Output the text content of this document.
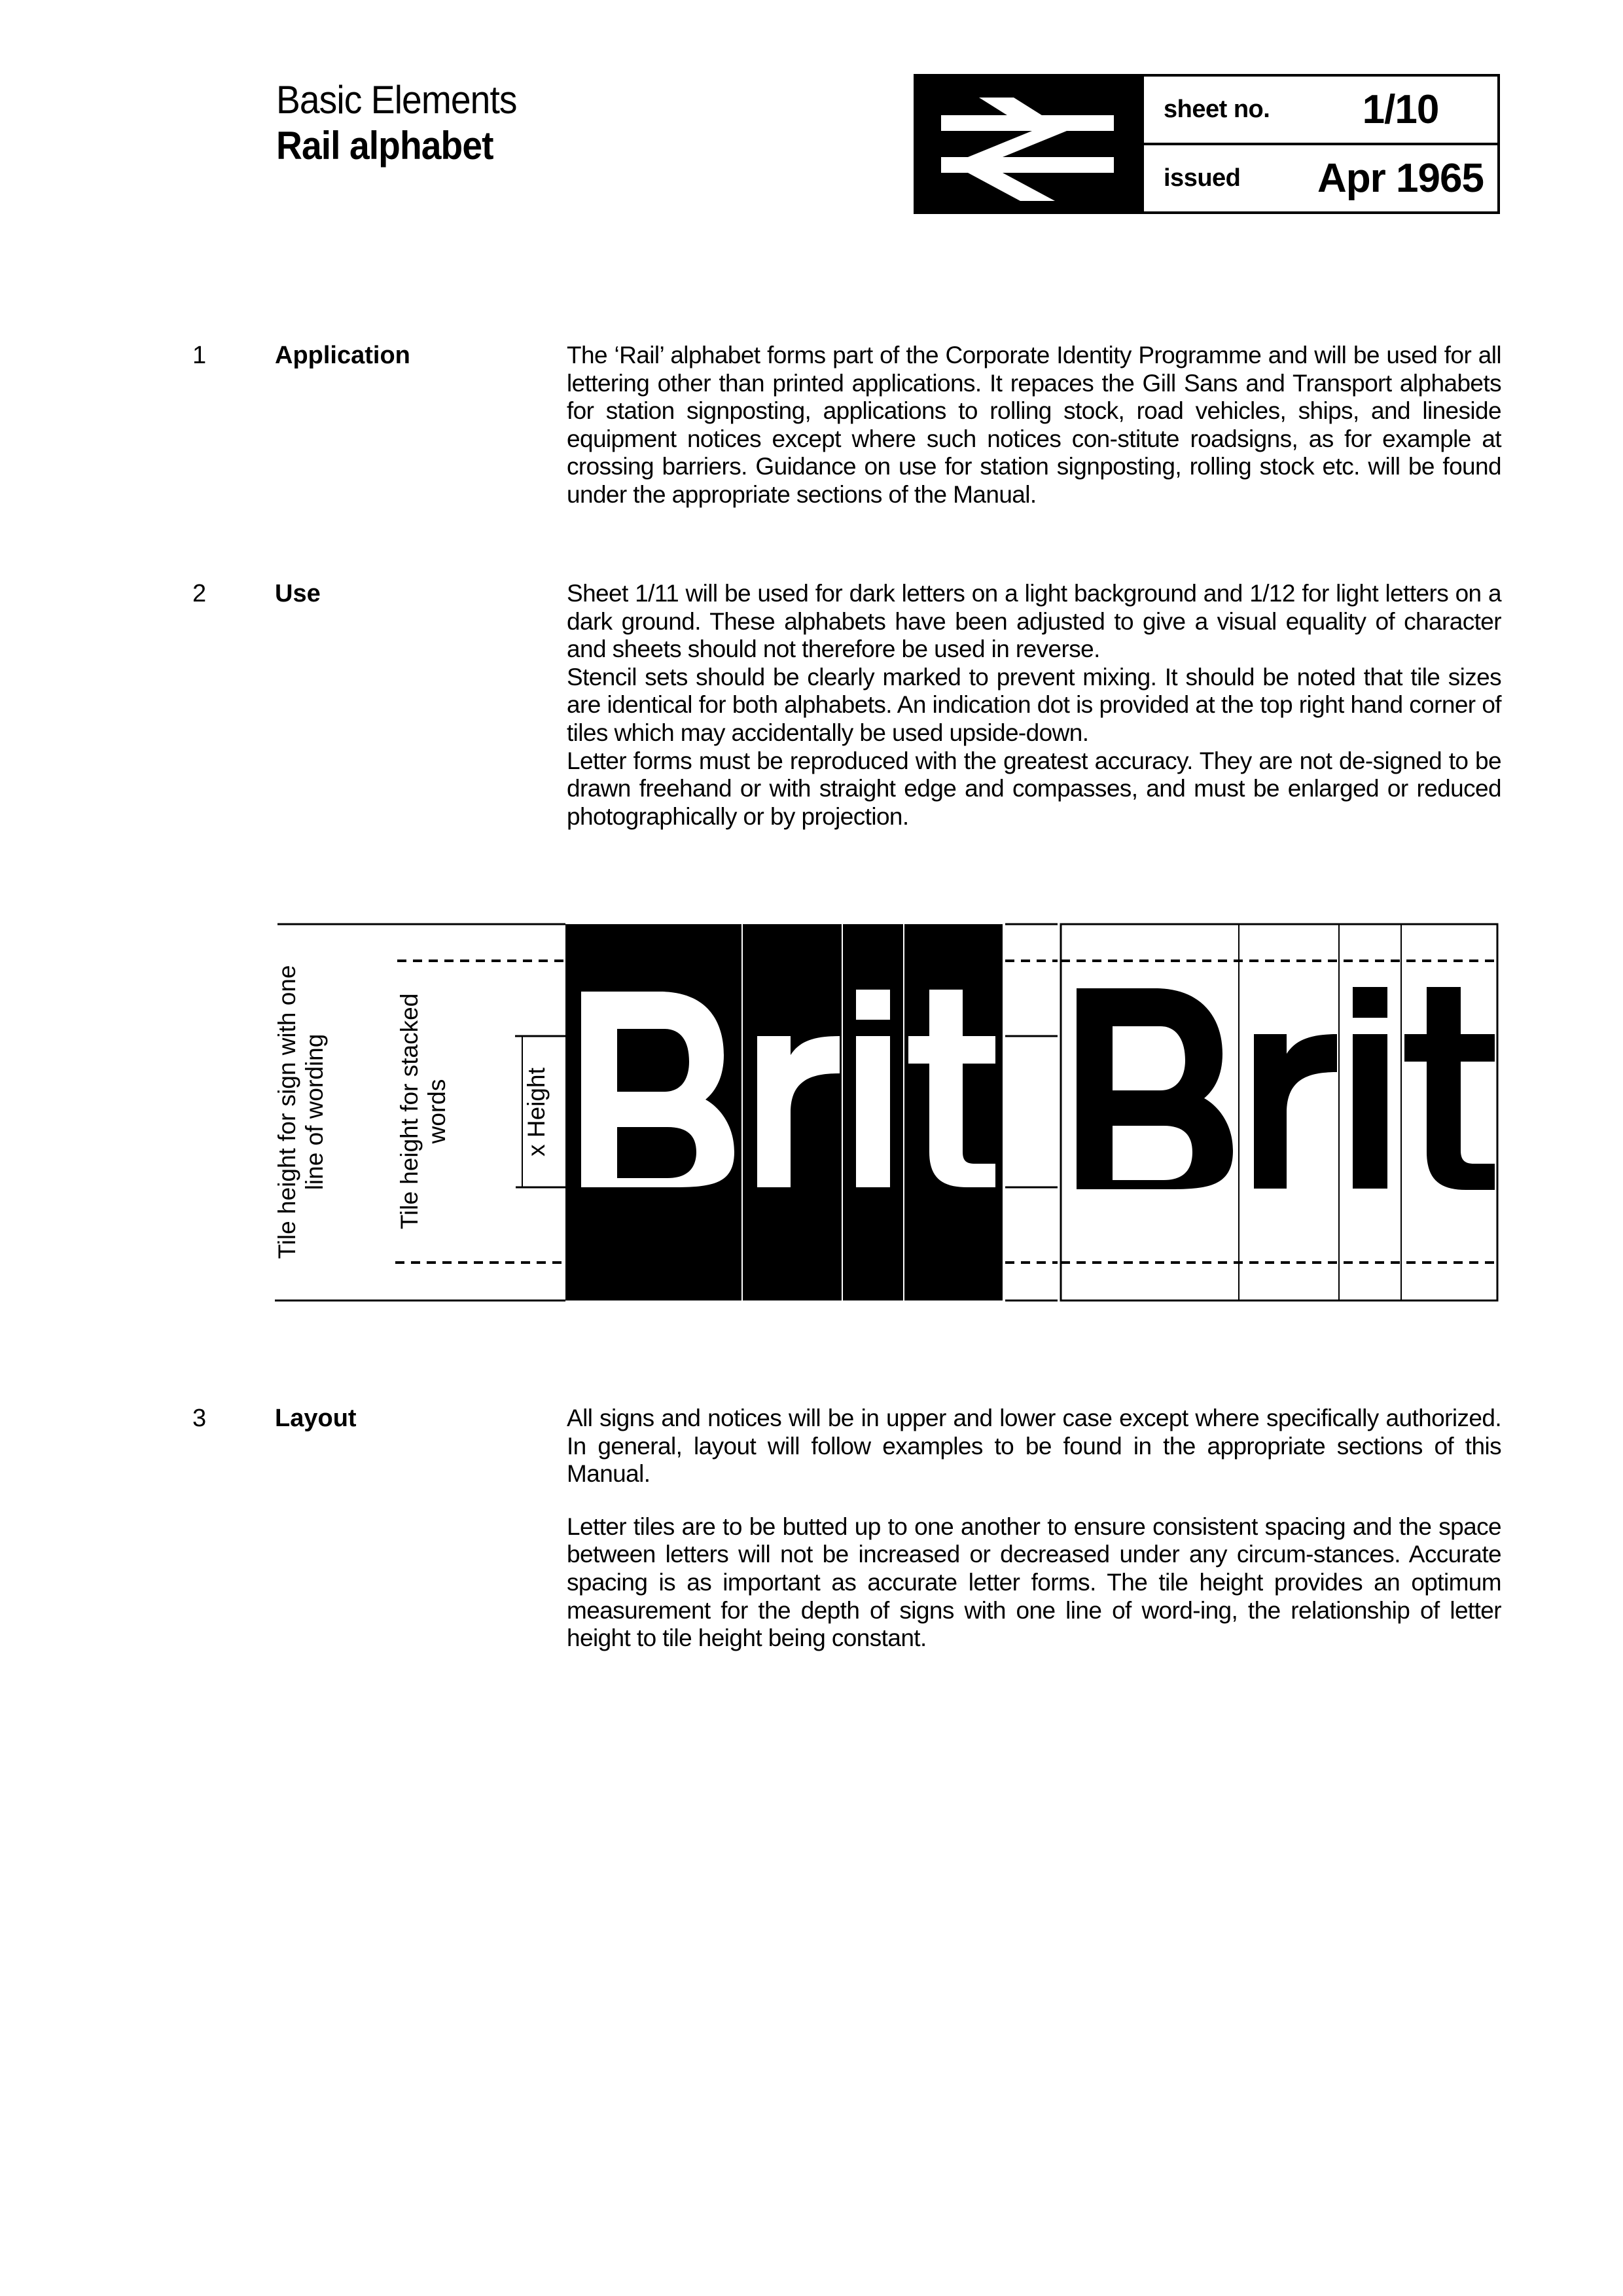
Basic Elements
Rail alphabet
sheet no.	1/10
issued	Apr 1965
1	Application	The ‘Rail’ alphabet forms part of the Corporate Identity Programme and will be used for all lettering other than printed applications. It repaces the Gill Sans and Transport alphabets for station signposting, applications to rolling stock, road vehicles, ships, and lineside equipment notices except where such notices con-stitute roadsigns, as for example at crossing barriers. Guidance on use for station signposting, rolling stock etc. will be found under the appropriate sections of the Manual.

2	Use	Sheet 1/11 will be used for dark letters on a light background and 1/12 for light letters on a dark ground. These alphabets have been adjusted to give a visual equality of character and sheets should not therefore be used in reverse.

Stencil sets should be clearly marked to prevent mixing. It should be noted that tile sizes are identical for both alphabets. An indication dot is provided at the top right hand corner of tiles which may accidentally be used upside-down.

Letter forms must be reproduced with the greatest accuracy. They are not de-signed to be drawn freehand or with straight edge and compasses, and must be enlarged or reduced photographically or by projection.

Tile height for sign with one line of wording	Tile height for stacked words	x Height
3	Layout	All signs and notices will be in upper and lower case except where specifically authorized. In general, layout will follow examples to be found in the appropriate sections of this Manual.

Letter tiles are to be butted up to one another to ensure consistent spacing and the space between letters will not be increased or decreased under any circum-stances. Accurate spacing is as important as accurate letter forms. The tile height provides an optimum measurement for the depth of signs with one line of word-ing, the relationship of letter height to tile height being constant.
